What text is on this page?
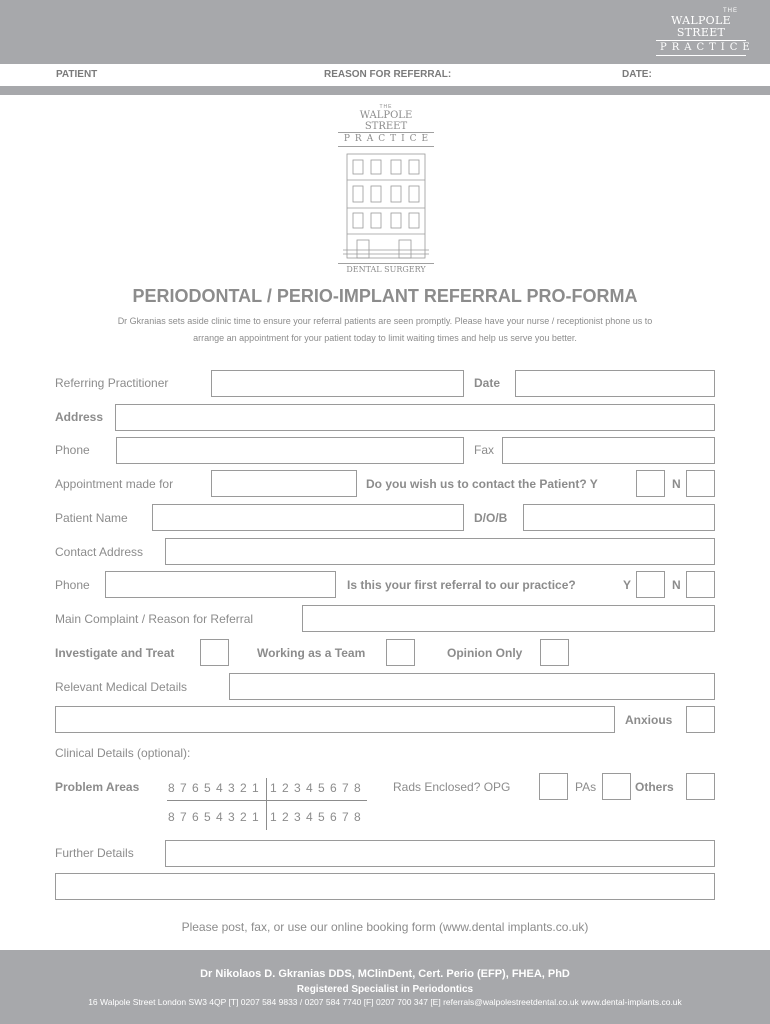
THE
WALPOLE STREET
PRACTICE
PATIENT	REASON FOR REFERRAL:	DATE:
THE
WALPOLE STREET
PRACTICE
DENTAL SURGERY
PERIODONTAL / PERIO-IMPLANT REFERRAL PRO-FORMA
Dr Gkranias sets aside clinic time to ensure your referral patients are seen promptly. Please have your nurse / receptionist phone us to arrange an appointment for your patient today to limit waiting times and help us serve you better.
Referring Practitioner	Date
Address
Phone	Fax
Appointment made for	Do you wish us to contact the Patient? Y	N
Patient Name	D/O/B
Contact Address
Phone	Is this your first referral to our practice?	Y	N
Main Complaint / Reason for Referral
Investigate and Treat	Working as a Team	Opinion Only
Relevant Medical Details
Anxious
Clinical Details (optional):
Problem Areas 8 7 6 5 4 3 2 1 1 2 3 4 5 6 7 8
8 7 6 5 4 3 2 1 1 2 3 4 5 6 7 8
Rads Enclosed? OPG	PAs	Others
Further Details
Please post, fax, or use our online booking form (www.dental implants.co.uk)
Dr Nikolaos D. Gkranias DDS, MClinDent, Cert. Perio (EFP), FHEA, PhD
Registered Specialist in Periodontics
16 Walpole Street London SW3 4QP [T] 0207 584 9833 / 0207 584 7740 [F] 0207 700 347 [E] referrals@walpolestreetdental.co.uk www.dental-implants.co.uk
